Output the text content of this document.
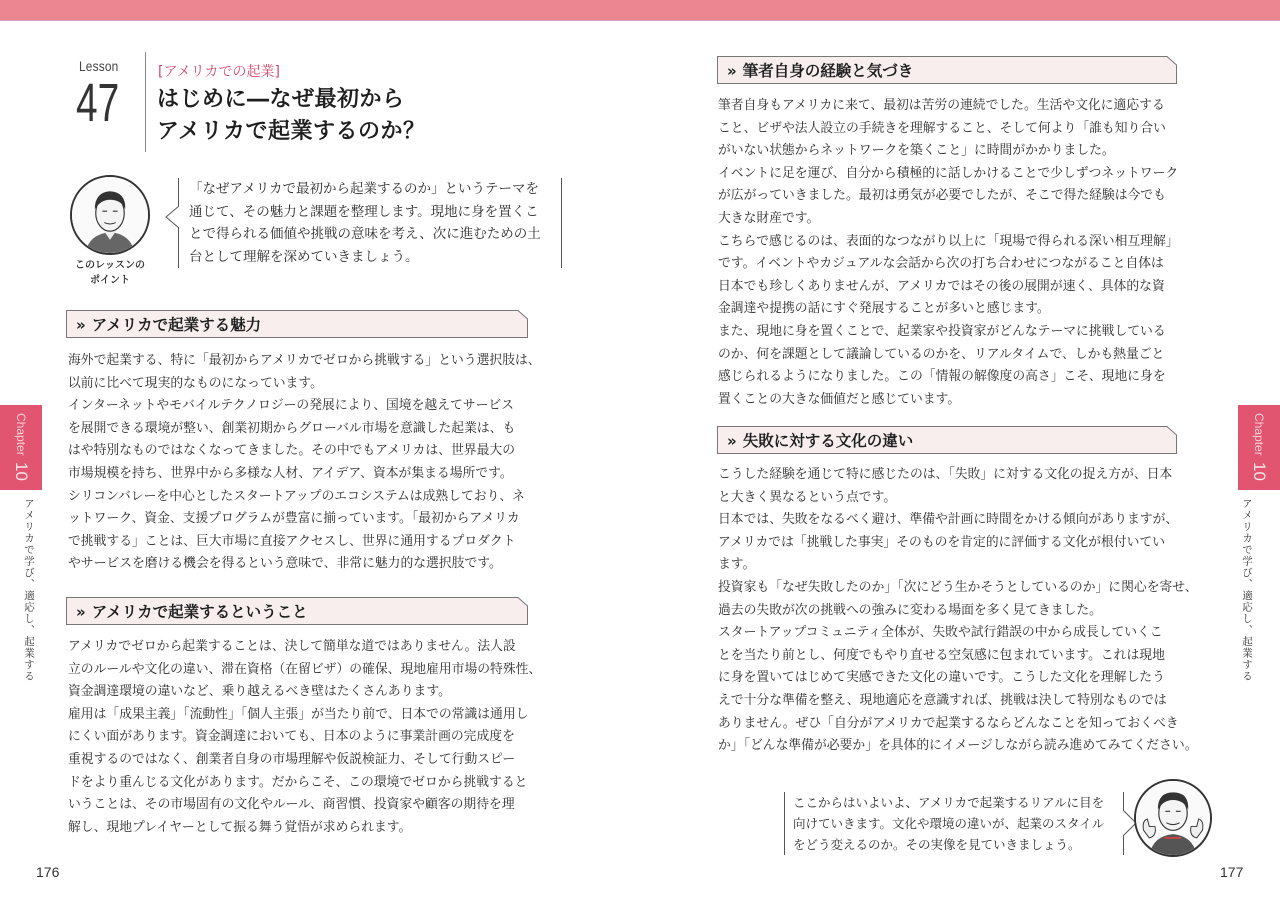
Lesson
47
[アメリカでの起業]
はじめに―なぜ最初から
アメリカで起業するのか？
このレッスンの
ポイント
「なぜアメリカで最初から起業するのか」というテーマを
通じて、その魅力と課題を整理します。現地に身を置くこ
とで得られる価値や挑戦の意味を考え、次に進むための土
台として理解を深めていきましょう。
» アメリカで起業する魅力
海外で起業する、特に「最初からアメリカでゼロから挑戦する」という選択肢は、
以前に比べて現実的なものになっています。
インターネットやモバイルテクノロジーの発展により、国境を越えてサービス
を展開できる環境が整い、創業初期からグローバル市場を意識した起業は、も
はや特別なものではなくなってきました。その中でもアメリカは、世界最大の
市場規模を持ち、世界中から多様な人材、アイデア、資本が集まる場所です。
シリコンバレーを中心としたスタートアップのエコシステムは成熟しており、ネ
ットワーク、資金、支援プログラムが豊富に揃っています。「最初からアメリカ
で挑戦する」ことは、巨大市場に直接アクセスし、世界に通用するプロダクト
やサービスを磨ける機会を得るという意味で、非常に魅力的な選択肢です。
» アメリカで起業するということ
アメリカでゼロから起業することは、決して簡単な道ではありません。法人設
立のルールや文化の違い、滞在資格（在留ビザ）の確保、現地雇用市場の特殊性、
資金調達環境の違いなど、乗り越えるべき壁はたくさんあります。
雇用は「成果主義」「流動性」「個人主張」が当たり前で、日本での常識は通用し
にくい面があります。資金調達においても、日本のように事業計画の完成度を
重視するのではなく、創業者自身の市場理解や仮説検証力、そして行動スピー
ドをより重んじる文化があります。だからこそ、この環境でゼロから挑戦すると
いうことは、その市場固有の文化やルール、商習慣、投資家や顧客の期待を理
解し、現地プレイヤーとして振る舞う覚悟が求められます。
» 筆者自身の経験と気づき
筆者自身もアメリカに来て、最初は苦労の連続でした。生活や文化に適応する
こと、ビザや法人設立の手続きを理解すること、そして何より「誰も知り合い
がいない状態からネットワークを築くこと」に時間がかかりました。
イベントに足を運び、自分から積極的に話しかけることで少しずつネットワーク
が広がっていきました。最初は勇気が必要でしたが、そこで得た経験は今でも
大きな財産です。
こちらで感じるのは、表面的なつながり以上に「現場で得られる深い相互理解」
です。イベントやカジュアルな会話から次の打ち合わせにつながること自体は
日本でも珍しくありませんが、アメリカではその後の展開が速く、具体的な資
金調達や提携の話にすぐ発展することが多いと感じます。
また、現地に身を置くことで、起業家や投資家がどんなテーマに挑戦している
のか、何を課題として議論しているのかを、リアルタイムで、しかも熱量ごと
感じられるようになりました。この「情報の解像度の高さ」こそ、現地に身を
置くことの大きな価値だと感じています。
» 失敗に対する文化の違い
こうした経験を通じて特に感じたのは、「失敗」に対する文化の捉え方が、日本
と大きく異なるという点です。
日本では、失敗をなるべく避け、準備や計画に時間をかける傾向がありますが、
アメリカでは「挑戦した事実」そのものを肯定的に評価する文化が根付いてい
ます。
投資家も「なぜ失敗したのか」「次にどう生かそうとしているのか」に関心を寄せ、
過去の失敗が次の挑戦への強みに変わる場面を多く見てきました。
スタートアップコミュニティ全体が、失敗や試行錯誤の中から成長していくこ
とを当たり前とし、何度でもやり直せる空気感に包まれています。これは現地
に身を置いてはじめて実感できた文化の違いです。こうした文化を理解したう
えで十分な準備を整え、現地適応を意識すれば、挑戦は決して特別なものでは
ありません。ぜひ「自分がアメリカで起業するならどんなことを知っておくべき
か」「どんな準備が必要か」を具体的にイメージしながら読み進めてみてください。
ここからはいよいよ、アメリカで起業するリアルに目を
向けていきます。文化や環境の違いが、起業のスタイル
をどう変えるのか。その実像を見ていきましょう。
Chapter10
アメリカで学び、適応し、起業する
Chapter10
アメリカで学び、適応し、起業する
176	177
